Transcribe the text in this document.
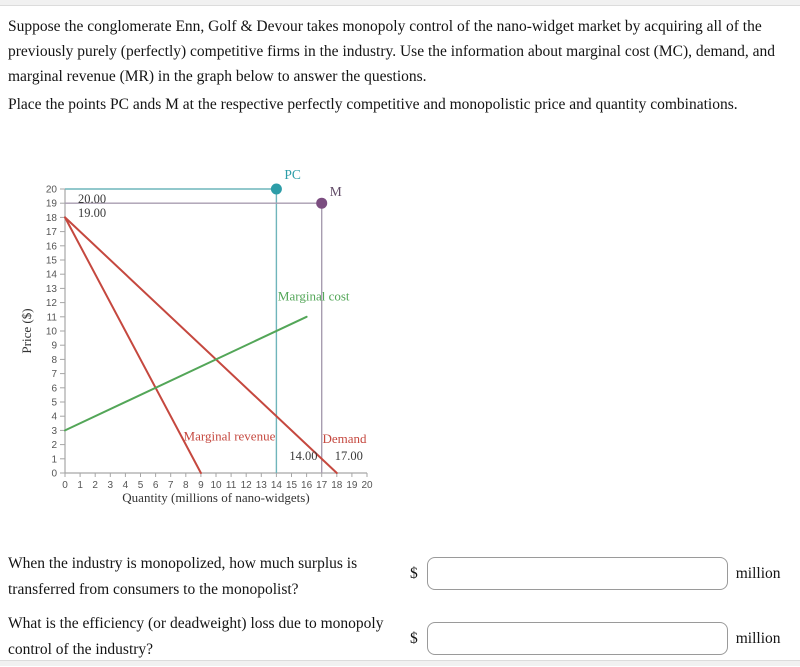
Suppose the conglomerate Enn, Golf & Devour takes monopoly control of the nano-widget market by acquiring all of the
previously purely (perfectly) competitive firms in the industry. Use the information about marginal cost (MC), demand, and
marginal revenue (MR) in the graph below to answer the questions.
Place the points PC ands M at the respective perfectly competitive and monopolistic price and quantity combinations.
0
1
2
3
4
5
6
7
8
9
10
11
12
13
14
15
16
17
18
19
20
0 1 2 3 4 5 6 7 8 9 10 11 12 13 14 15 16 17 18 19 20
Demand
Marginal revenue
Marginal cost
PC
20.00
14.00
M
19.00
17.00
Quantity (millions of nano-widgets)
Price ($)
When the industry is monopolized, how much surplus is
transferred from consumers to the monopolist?
$	million
What is the efficiency (or deadweight) loss due to monopoly
control of the industry?
$	million
